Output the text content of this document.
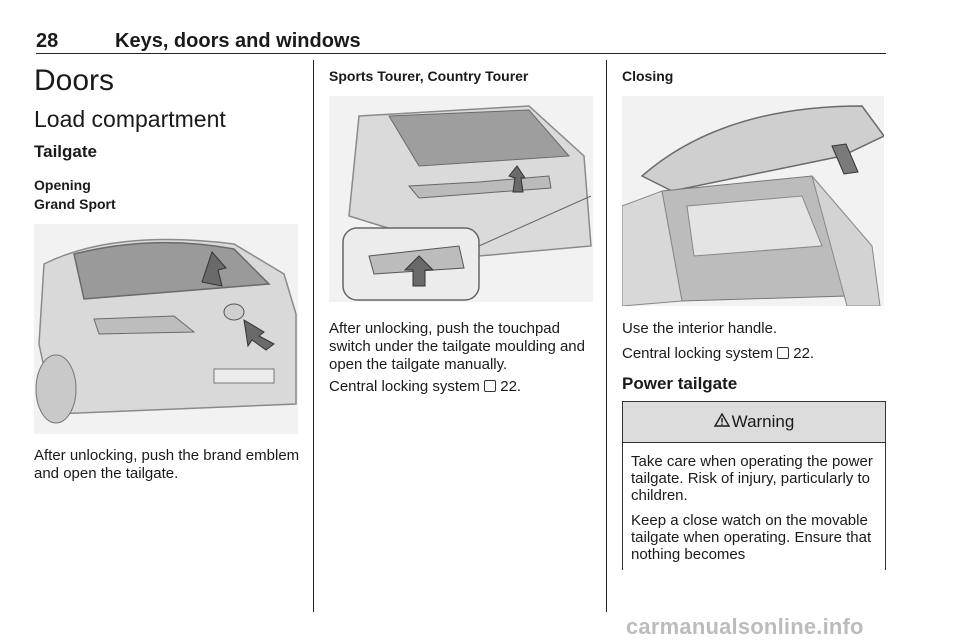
28	Keys, doors and windows
Doors
Load compartment
Tailgate
Opening
Grand Sport
After unlocking, push the brand emblem and open the tailgate.
Sports Tourer, Country Tourer
After unlocking, push the touchpad switch under the tailgate moulding and open the tailgate manually.
Central locking system 22.
Closing
Use the interior handle.
Central locking system 22.
Power tailgate
Warning

Take care when operating the power tailgate. Risk of injury, particularly to children.

Keep a close watch on the movable tailgate when operating. Ensure that nothing becomes

carmanualsonline.info
